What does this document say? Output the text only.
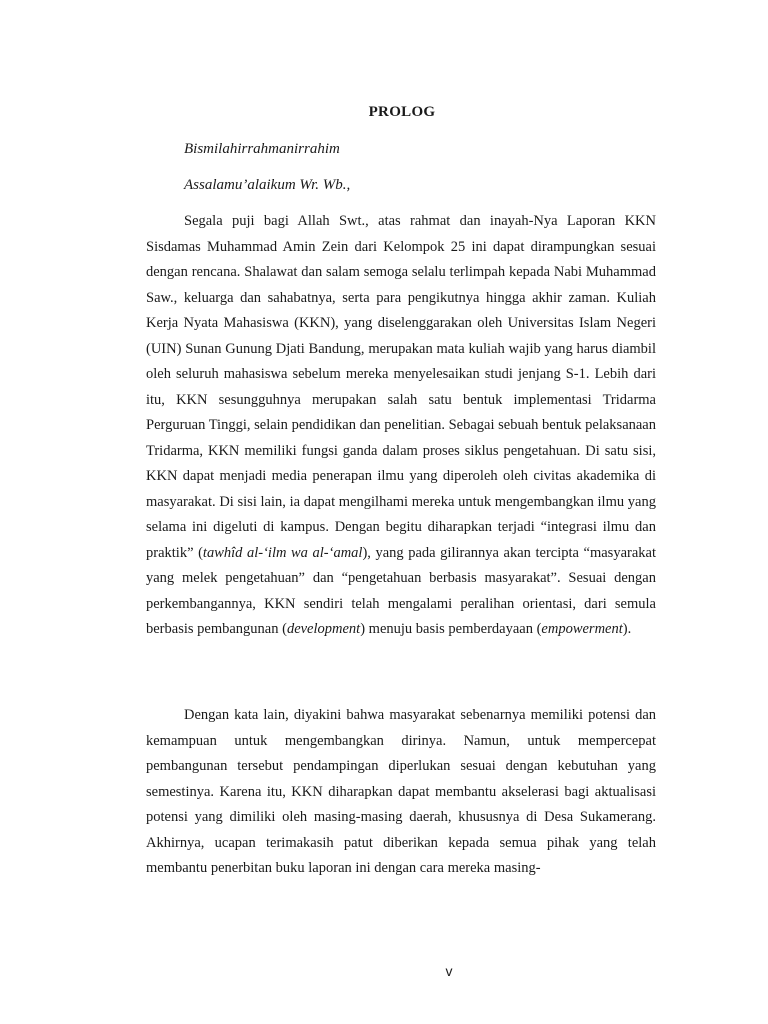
PROLOG

Bismilahirrahmanirrahim

Assalamu’alaikum Wr. Wb.,

Segala puji bagi Allah Swt., atas rahmat dan inayah-Nya Laporan KKN Sisdamas Muhammad Amin Zein dari Kelompok 25 ini dapat dirampungkan sesuai dengan rencana. Shalawat dan salam semoga selalu terlimpah kepada Nabi Muhammad Saw., keluarga dan sahabatnya, serta para pengikutnya hingga akhir zaman. Kuliah Kerja Nyata Mahasiswa (KKN), yang diselenggarakan oleh Universitas Islam Negeri (UIN) Sunan Gunung Djati Bandung, merupakan mata kuliah wajib yang harus diambil oleh seluruh mahasiswa sebelum mereka menyelesaikan studi jenjang S-1. Lebih dari itu, KKN sesungguhnya merupakan salah satu bentuk implementasi Tridarma Perguruan Tinggi, selain pendidikan dan penelitian. Sebagai sebuah bentuk pelaksanaan Tridarma, KKN memiliki fungsi ganda dalam proses siklus pengetahuan. Di satu sisi, KKN dapat menjadi media penerapan ilmu yang diperoleh oleh civitas akademika di masyarakat. Di sisi lain, ia dapat mengilhami mereka untuk mengembangkan ilmu yang selama ini digeluti di kampus. Dengan begitu diharapkan terjadi “integrasi ilmu dan praktik” (tawhîd al-‘ilm wa al-‘amal), yang pada gilirannya akan tercipta “masyarakat yang melek pengetahuan” dan “pengetahuan berbasis masyarakat”. Sesuai dengan perkembangannya, KKN sendiri telah mengalami peralihan orientasi, dari semula berbasis pembangunan (development) menuju basis pemberdayaan (empowerment).

Dengan kata lain, diyakini bahwa masyarakat sebenarnya memiliki potensi dan kemampuan untuk mengembangkan dirinya. Namun, untuk mempercepat pembangunan tersebut pendampingan diperlukan sesuai dengan kebutuhan yang semestinya. Karena itu, KKN diharapkan dapat membantu akselerasi bagi aktualisasi potensi yang dimiliki oleh masing-masing daerah, khususnya di Desa Sukamerang. Akhirnya, ucapan terimakasih patut diberikan kepada semua pihak yang telah membantu penerbitan buku laporan ini dengan cara mereka masing-

v
